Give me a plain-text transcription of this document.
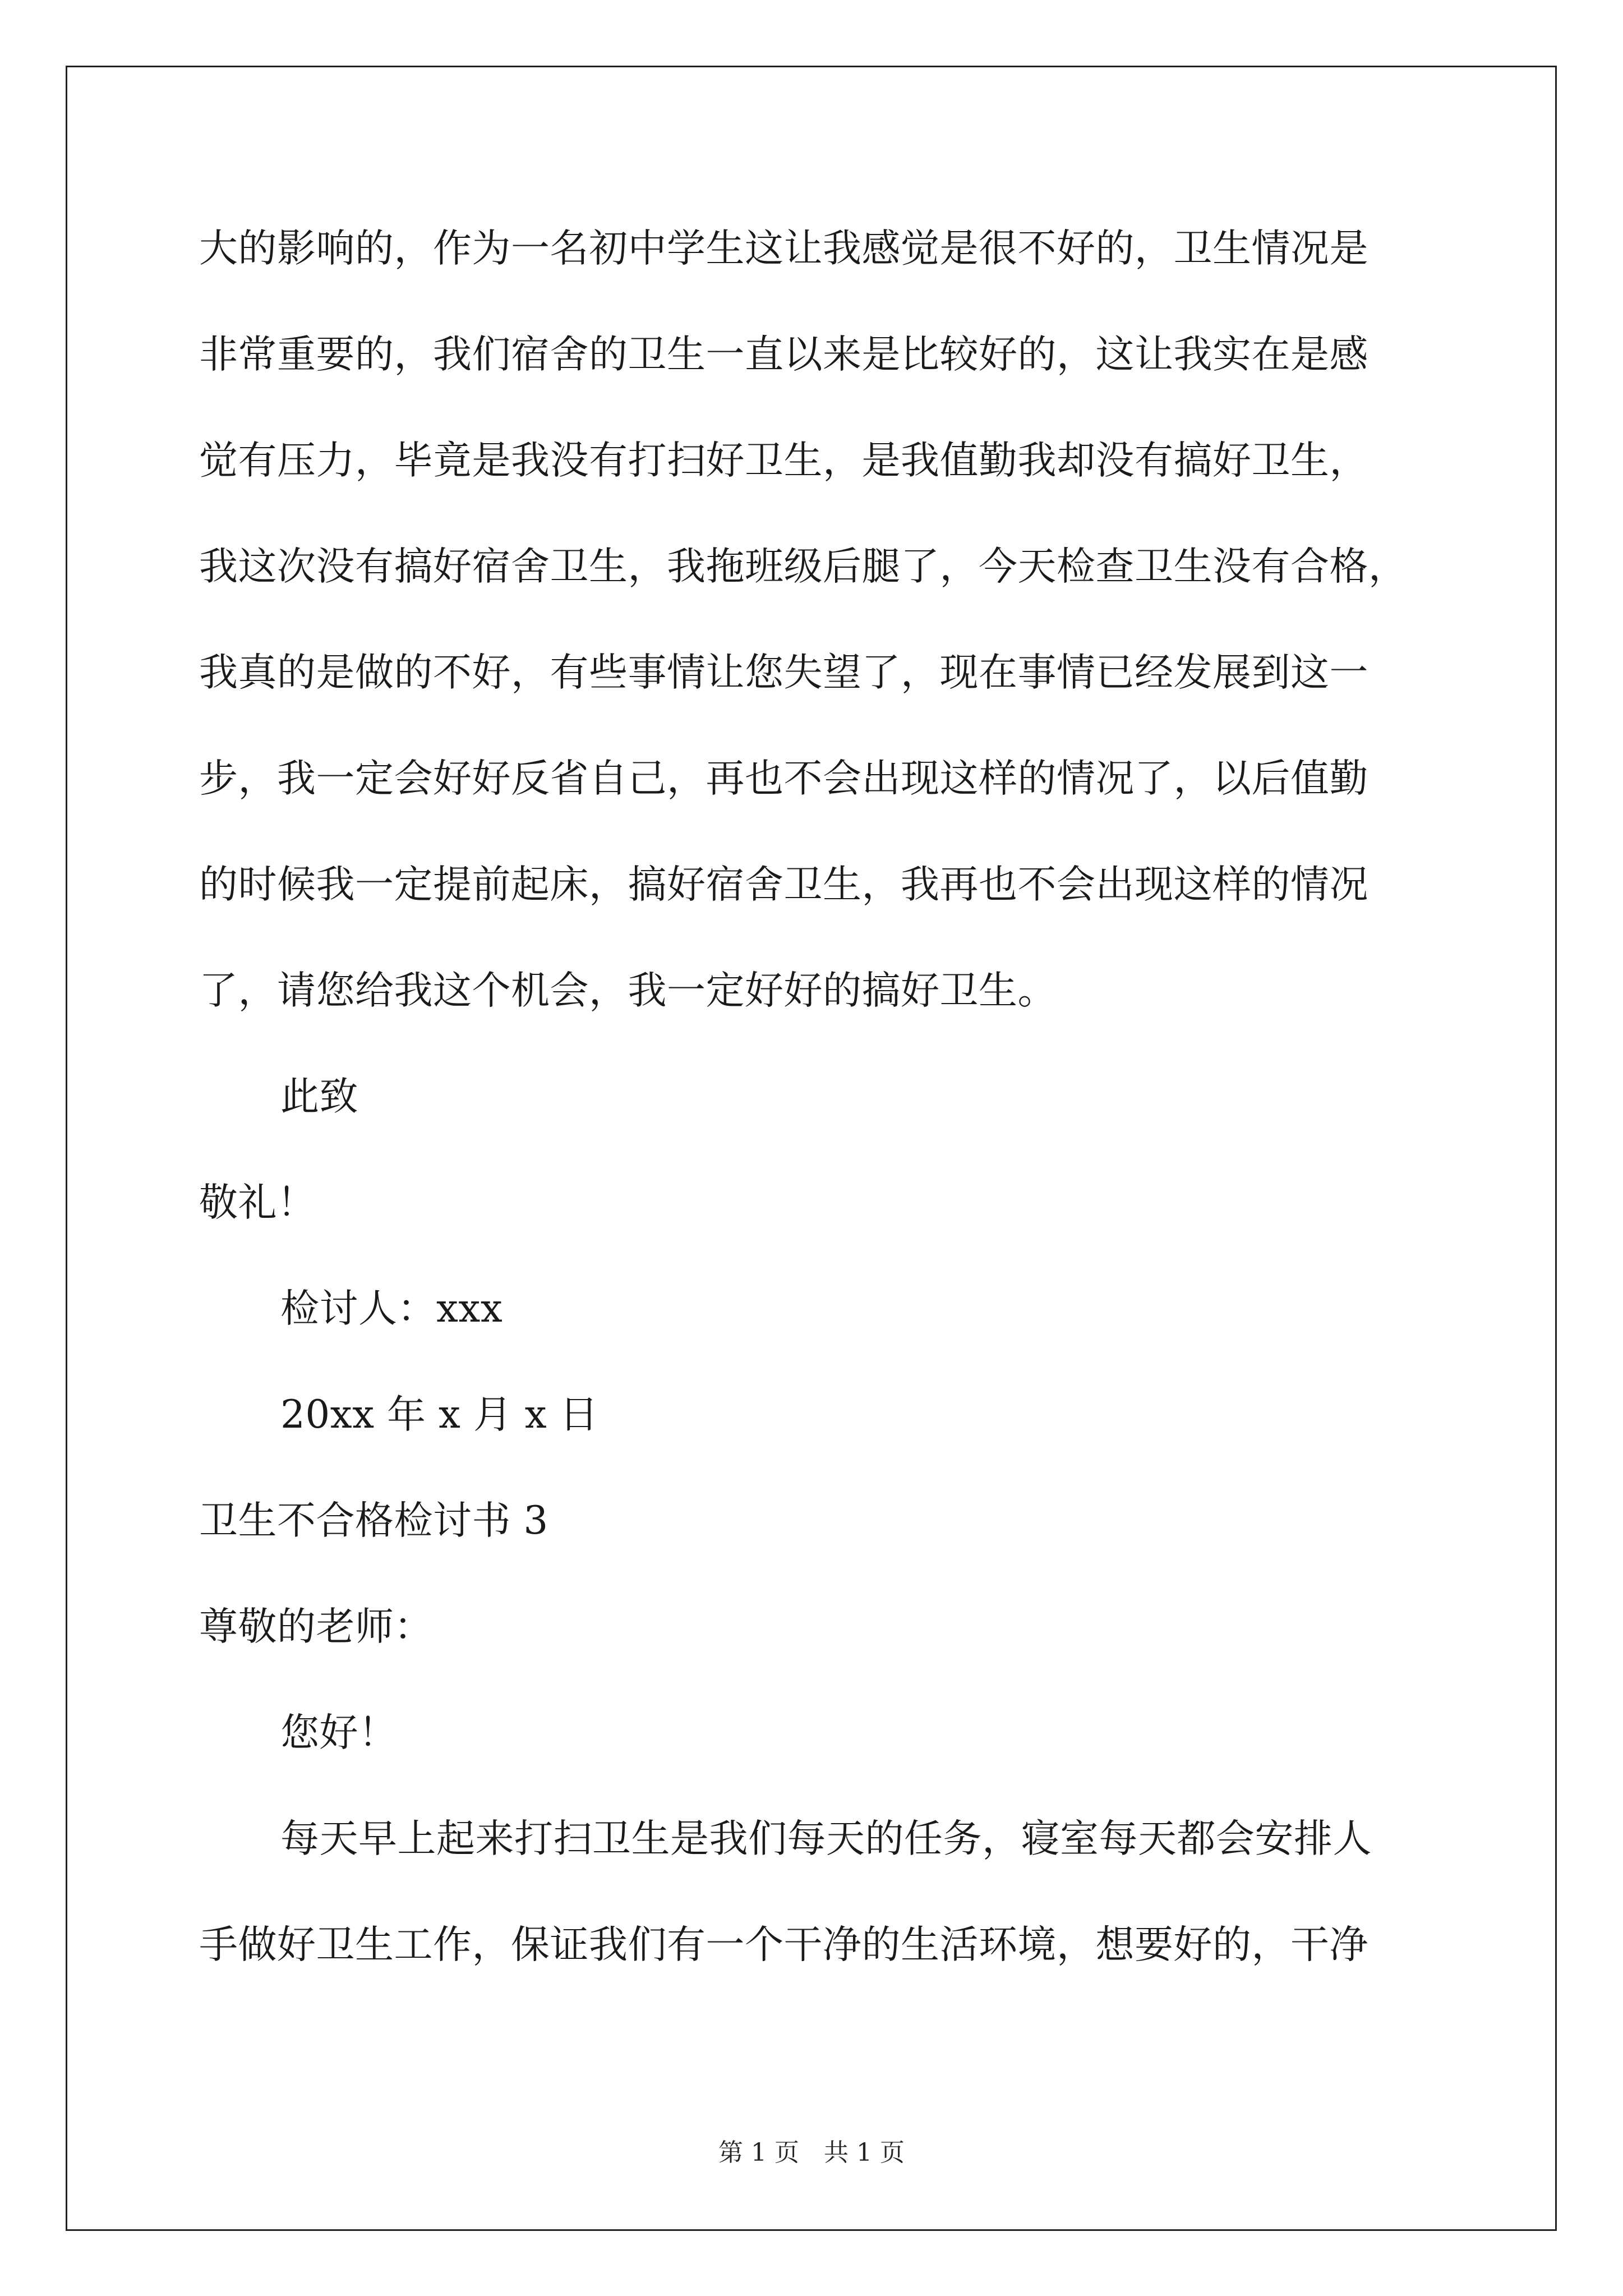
大的影响的，作为一名初中学生这让我感觉是很不好的，卫生情况是
非常重要的，我们宿舍的卫生一直以来是比较好的，这让我实在是感
觉有压力，毕竟是我没有打扫好卫生，是我值勤我却没有搞好卫生，
我这次没有搞好宿舍卫生，我拖班级后腿了，今天检查卫生没有合格，
我真的是做的不好，有些事情让您失望了，现在事情已经发展到这一
步，我一定会好好反省自己，再也不会出现这样的情况了，以后值勤
的时候我一定提前起床，搞好宿舍卫生，我再也不会出现这样的情况
了，请您给我这个机会，我一定好好的搞好卫生。
此致
敬礼！
检讨人：xxx
20xx 年 x 月 x 日
卫生不合格检讨书 3
尊敬的老师：
您好！
每天早上起来打扫卫生是我们每天的任务，寝室每天都会安排人
手做好卫生工作，保证我们有一个干净的生活环境，想要好的，干净
第 1 页　共 1 页
